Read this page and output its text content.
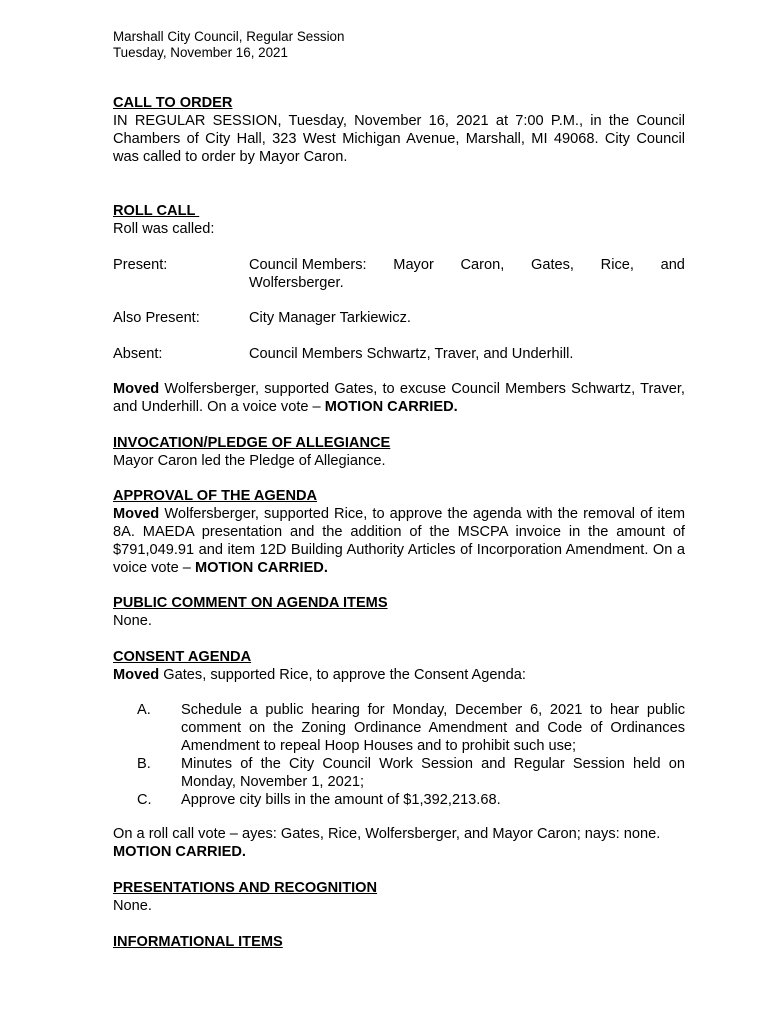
Marshall City Council, Regular Session
Tuesday, November 16, 2021
CALL TO ORDER
IN REGULAR SESSION, Tuesday, November 16, 2021 at 7:00 P.M., in the Council Chambers of City Hall, 323 West Michigan Avenue, Marshall, MI 49068. City Council was called to order by Mayor Caron.
ROLL CALL
Roll was called:
Present:	Council Members: Mayor Caron, Gates, Rice, and
Wolfersberger.
Also Present:	City Manager Tarkiewicz.
Absent:	Council Members Schwartz, Traver, and Underhill.
Moved Wolfersberger, supported Gates, to excuse Council Members Schwartz, Traver, and Underhill. On a voice vote – MOTION CARRIED.
INVOCATION/PLEDGE OF ALLEGIANCE
Mayor Caron led the Pledge of Allegiance.
APPROVAL OF THE AGENDA
Moved Wolfersberger, supported Rice, to approve the agenda with the removal of item 8A. MAEDA presentation and the addition of the MSCPA invoice in the amount of $791,049.91 and item 12D Building Authority Articles of Incorporation Amendment. On a voice vote – MOTION CARRIED.
PUBLIC COMMENT ON AGENDA ITEMS
None.
CONSENT AGENDA
Moved Gates, supported Rice, to approve the Consent Agenda:
A. Schedule a public hearing for Monday, December 6, 2021 to hear public comment on the Zoning Ordinance Amendment and Code of Ordinances Amendment to repeal Hoop Houses and to prohibit such use;
B. Minutes of the City Council Work Session and Regular Session held on Monday, November 1, 2021;
C. Approve city bills in the amount of $1,392,213.68.
On a roll call vote – ayes: Gates, Rice, Wolfersberger, and Mayor Caron; nays: none.
MOTION CARRIED.
PRESENTATIONS AND RECOGNITION
None.
INFORMATIONAL ITEMS
